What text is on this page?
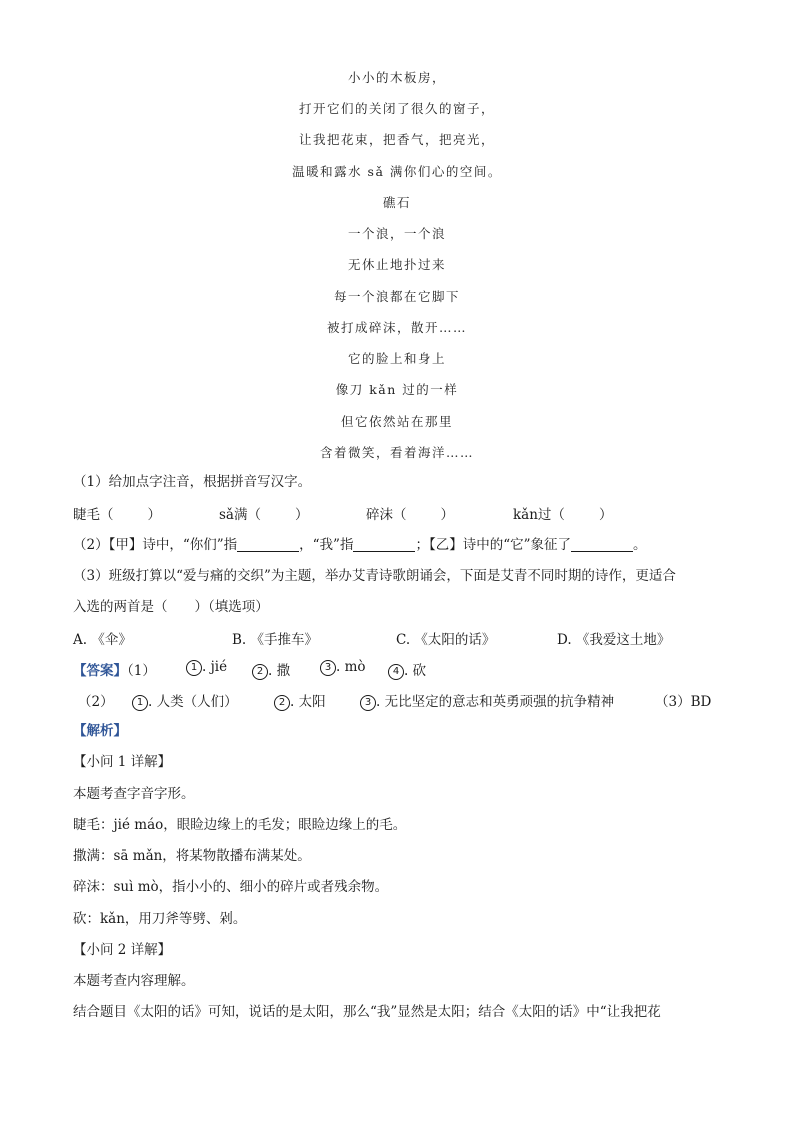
小小的木板房，
打开它们的关闭了很久的窗子，
让我把花束，把香气，把亮光，
温暖和露水 sǎ 满你们心的空间。
礁石
一个浪，一个浪
无休止地扑过来
每一个浪都在它脚下
被打成碎沫，散开……
它的脸上和身上
像刀 kǎn 过的一样
但它依然站在那里
含着微笑，看着海洋……
（1）给加点字注音，根据拼音写汉字。
睫毛（	）	sǎ满（	）	碎沫（	）	kǎn过（	）
（2）【甲】诗中，“你们”指	，“我”指	；【乙】诗中的“它”象征了	。
（3）班级打算以“爱与痛的交织”为主题，举办艾青诗歌朗诵会，下面是艾青不同时期的诗作，更适合
入选的两首是（　　）（填选项）
A. 《伞》	B. 《手推车》	C. 《太阳的话》	D. 《我爱这土地》
【答案】（1）	1 . jié	2 . 撒	3 . mò	4 . 砍
（2）	1 . 人类（人们）	2 . 太阳	3 . 无比坚定的意志和英勇顽强的抗争精神	（3）BD
【解析】
【小问 1 详解】
本题考查字音字形。
睫毛：jié máo，眼睑边缘上的毛发；眼睑边缘上的毛。
撒满：sā mǎn，将某物散播布满某处。
碎沫：suì mò，指小小的、细小的碎片或者残余物。
砍：kǎn，用刀斧等劈、剁。
【小问 2 详解】
本题考查内容理解。
结合题目《太阳的话》可知，说话的是太阳，那么“我”显然是太阳；结合《太阳的话》中“让我把花
